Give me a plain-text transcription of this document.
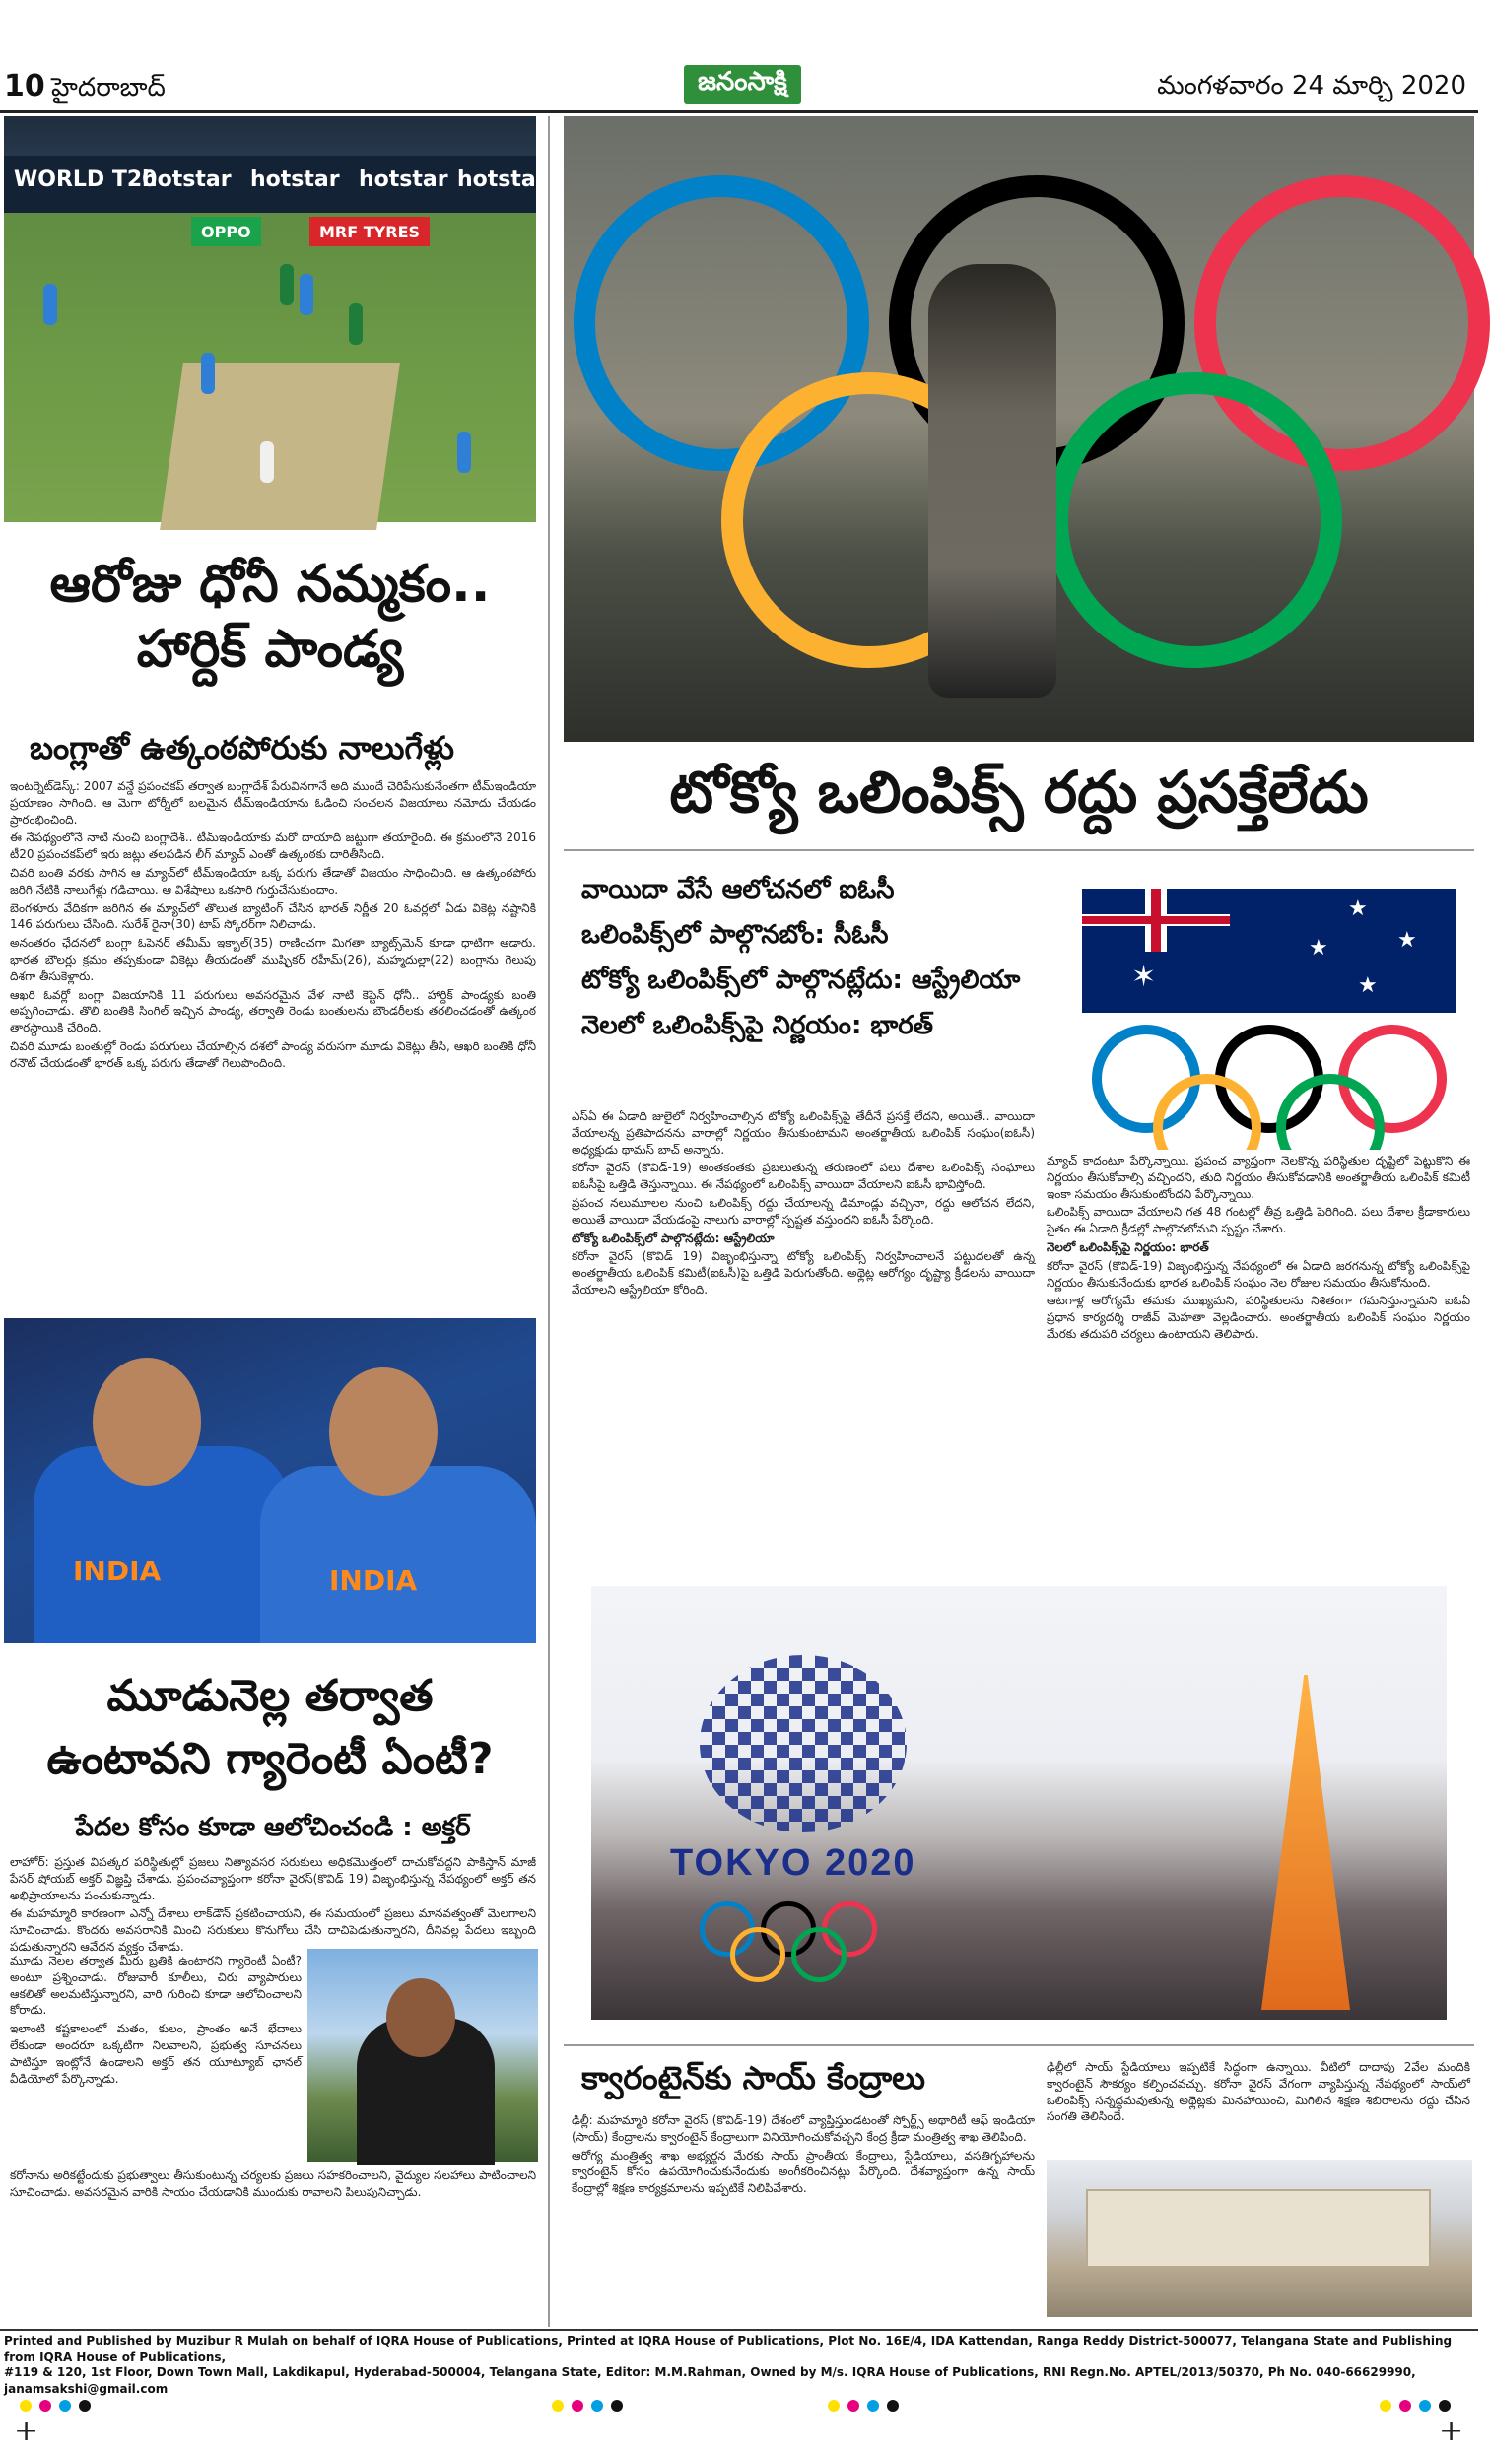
10 హైదరాబాద్	జనంసాక్షి	మంగళవారం 24 మార్చి 2020
WORLD T20
hotstar hotstar hotstar hotstar
OPPO	MRF TYRES
ఆరోజు ధోనీ నమ్మకం..
హార్దిక్ పాండ్య
బంగ్లాతో ఉత్కంఠపోరుకు నాలుగేళ్లు

ఇంటర్నెట్‌డెస్క్‌: 2007 వన్డే ప్రపంచకప్‌ తర్వాత బంగ్లాదేశ్‌ పేరువినగానే అది ముందే చెరిపేసుకునేంతగా టీమ్‌ఇండియా ప్రయాణం సాగింది. ఆ మెగా టోర్నీలో బలమైన టీమ్‌ఇండియాను ఓడించి సంచలన విజయాలు నమోదు చేయడం ప్రారంభించింది.

ఈ నేపథ్యంలోనే నాటి నుంచి బంగ్లాదేశ్‌.. టీమ్‌ఇండియాకు మరో దాయాది జట్టుగా తయారైంది. ఈ క్రమంలోనే 2016 టీ20 ప్రపంచకప్‌లో ఇరు జట్లు తలపడిన లీగ్‌ మ్యాచ్‌ ఎంతో ఉత్కంఠకు దారితీసింది.

చివరి బంతి వరకు సాగిన ఆ మ్యాచ్‌లో టీమ్‌ఇండియా ఒక్క పరుగు తేడాతో విజయం సాధించింది. ఆ ఉత్కంఠపోరు జరిగి నేటికి నాలుగేళ్లు గడిచాయి. ఆ విశేషాలు ఒకసారి గుర్తుచేసుకుందాం.

బెంగళూరు వేదికగా జరిగిన ఈ మ్యాచ్‌లో తొలుత బ్యాటింగ్‌ చేసిన భారత్‌ నిర్ణీత 20 ఓవర్లలో ఏడు వికెట్ల నష్టానికి 146 పరుగులు చేసింది. సురేశ్‌ రైనా(30) టాప్‌ స్కోరర్‌గా నిలిచాడు.

అనంతరం ఛేదనలో బంగ్లా ఓపెనర్‌ తమీమ్‌ ఇక్బాల్‌(35) రాణించగా మిగతా బ్యాట్స్‌మెన్‌ కూడా ధాటిగా ఆడారు. భారత బౌలర్లు క్రమం తప్పకుండా వికెట్లు తీయడంతో ముష్ఫికర్‌ రహీమ్‌(26), మహ్మదుల్లా(22) బంగ్లాను గెలుపు దిశగా తీసుకెళ్లారు.

ఆఖరి ఓవర్లో బంగ్లా విజయానికి 11 పరుగులు అవసరమైన వేళ నాటి కెప్టెన్‌ ధోనీ.. హార్దిక్‌ పాండ్యకు బంతి అప్పగించాడు. తొలి బంతికి సింగిల్‌ ఇచ్చిన పాండ్య, తర్వాతి రెండు బంతులను బౌండరీలకు తరలించడంతో ఉత్కంఠ తారస్థాయికి చేరింది.

చివరి మూడు బంతుల్లో రెండు పరుగులు చేయాల్సిన దశలో పాండ్య వరుసగా మూడు వికెట్లు తీసి, ఆఖరి బంతికి ధోనీ రనౌట్‌ చేయడంతో భారత్‌ ఒక్క పరుగు తేడాతో గెలుపొందింది.

INDIA	INDIA
మూడునెల్ల తర్వాత
ఉంటావని గ్యారెంటీ ఏంటీ?
పేదల కోసం కూడా ఆలోచించండి : అక్తర్

లాహోర్‌: ప్రస్తుత విపత్కర పరిస్థితుల్లో ప్రజలు నిత్యావసర సరుకులు అధికమొత్తంలో దాచుకోవద్దని పాకిస్తాన్‌ మాజీ పేసర్‌ షోయబ్‌ అక్తర్‌ విజ్ఞప్తి చేశాడు. ప్రపంచవ్యాప్తంగా కరోనా వైరస్‌(కొవిడ్‌ 19) విజృంభిస్తున్న నేపథ్యంలో అక్తర్‌ తన అభిప్రాయాలను పంచుకున్నాడు.

ఈ మహమ్మారి కారణంగా ఎన్నో దేశాలు లాక్‌డౌన్‌ ప్రకటించాయని, ఈ సమయంలో ప్రజలు మానవత్వంతో మెలగాలని సూచించాడు. కొందరు అవసరానికి మించి సరుకులు కొనుగోలు చేసి దాచిపెడుతున్నారని, దీనివల్ల పేదలు ఇబ్బంది పడుతున్నారని ఆవేదన వ్యక్తం చేశాడు.

మూడు నెలల తర్వాత మీరు బ్రతికి ఉంటారని గ్యారెంటీ ఏంటీ? అంటూ ప్రశ్నించాడు. రోజువారీ కూలీలు, చిరు వ్యాపారులు ఆకలితో అలమటిస్తున్నారని, వారి గురించి కూడా ఆలోచించాలని కోరాడు.

ఇలాంటి కష్టకాలంలో మతం, కులం, ప్రాంతం అనే భేదాలు లేకుండా అందరూ ఒక్కటిగా నిలవాలని, ప్రభుత్వ సూచనలు పాటిస్తూ ఇంట్లోనే ఉండాలని అక్తర్‌ తన యూట్యూబ్‌ ఛానల్‌ వీడియోలో పేర్కొన్నాడు.

కరోనాను అరికట్టేందుకు ప్రభుత్వాలు తీసుకుంటున్న చర్యలకు ప్రజలు సహకరించాలని, వైద్యుల సలహాలు పాటించాలని సూచించాడు. అవసరమైన వారికి సాయం చేయడానికి ముందుకు రావాలని పిలుపునిచ్చాడు.

టోక్యో ఒలింపిక్స్ రద్దు ప్రసక్తేలేదు
వాయిదా వేసే ఆలోచనలో ఐఓసీ
ఒలింపిక్స్‌లో పాల్గొనబోం: సీఓసీ
టోక్యో ఒలింపిక్స్‌లో పాల్గొనట్లేదు: ఆస్ట్రేలియా
నెలలో ఒలింపిక్స్‌పై నిర్ణయం: భారత్
✶
★
★	★
★

ఎస్‌ఏ ఈ ఏడాది జులైలో నిర్వహించాల్సిన టోక్యో ఒలింపిక్స్‌పై తేదీనే ప్రసక్తే లేదని, అయితే.. వాయిదా వేయాలన్న ప్రతిపాదనను వారాల్లో నిర్ణయం తీసుకుంటామని అంతర్జాతీయ ఒలింపిక్‌ సంఘం(ఐఓసీ) అధ్యక్షుడు థామస్‌ బాచ్‌ అన్నారు.

కరోనా వైరస్‌ (కొవిడ్‌-19) అంతకంతకు ప్రబలుతున్న తరుణంలో పలు దేశాల ఒలింపిక్స్‌ సంఘాలు ఐఓసీపై ఒత్తిడి తెస్తున్నాయి. ఈ నేపథ్యంలో ఒలింపిక్స్‌ వాయిదా వేయాలని ఐఓసీ భావిస్తోంది.

ప్రపంచ నలుమూలల నుంచి ఒలింపిక్స్‌ రద్దు చేయాలన్న డిమాండ్లు వచ్చినా, రద్దు ఆలోచన లేదని, అయితే వాయిదా వేయడంపై నాలుగు వారాల్లో స్పష్టత వస్తుందని ఐఓసీ పేర్కొంది.

టోక్యో ఒలింపిక్స్‌లో పాల్గొనట్లేదు: ఆస్ట్రేలియా

కరోనా వైరస్‌ (కొవిడ్‌ 19) విజృంభిస్తున్నా టోక్యో ఒలింపిక్స్‌ నిర్వహించాలనే పట్టుదలతో ఉన్న అంతర్జాతీయ ఒలింపిక్‌ కమిటీ(ఐఓసీ)పై ఒత్తిడి పెరుగుతోంది. అథ్లెట్ల ఆరోగ్యం దృష్ట్యా క్రీడలను వాయిదా వేయాలని ఆస్ట్రేలియా కోరింది.

మ్యాచ్‌ కాదంటూ పేర్కొన్నాయి. ప్రపంచ వ్యాప్తంగా నెలకొన్న పరిస్థితుల దృష్టిలో పెట్టుకొని ఈ నిర్ణయం తీసుకోవాల్సి వచ్చిందని, తుది నిర్ణయం తీసుకోవడానికి అంతర్జాతీయ ఒలింపిక్‌ కమిటీ ఇంకా సమయం తీసుకుంటోందని పేర్కొన్నాయి.

ఒలింపిక్స్‌ వాయిదా వేయాలని గత 48 గంటల్లో తీవ్ర ఒత్తిడి పెరిగింది. పలు దేశాల క్రీడాకారులు సైతం ఈ ఏడాది క్రీడల్లో పాల్గొనబోమని స్పష్టం చేశారు.

నెలలో ఒలింపిక్స్‌పై నిర్ణయం: భారత్

కరోనా వైరస్‌ (కొవిడ్‌-19) విజృంభిస్తున్న నేపథ్యంలో ఈ ఏడాది జరగనున్న టోక్యో ఒలింపిక్స్‌పై నిర్ణయం తీసుకునేందుకు భారత ఒలింపిక్‌ సంఘం నెల రోజుల సమయం తీసుకోనుంది.

ఆటగాళ్ల ఆరోగ్యమే తమకు ముఖ్యమని, పరిస్థితులను నిశితంగా గమనిస్తున్నామని ఐఓఏ ప్రధాన కార్యదర్శి రాజీవ్‌ మెహతా వెల్లడించారు. అంతర్జాతీయ ఒలింపిక్‌ సంఘం నిర్ణయం మేరకు తదుపరి చర్యలు ఉంటాయని తెలిపారు.

TOKYO 2020
క్వారంటైన్‌కు సాయ్ కేంద్రాలు

ఢిల్లీ: మహమ్మారి కరోనా వైరస్‌ (కొవిడ్‌-19) దేశంలో వ్యాప్తిస్తుండటంతో స్పోర్ట్స్‌ అథారిటీ ఆఫ్‌ ఇండియా (సాయ్‌) కేంద్రాలను క్వారంటైన్‌ కేంద్రాలుగా వినియోగించుకోవచ్చని కేంద్ర క్రీడా మంత్రిత్వ శాఖ తెలిపింది.

ఆరోగ్య మంత్రిత్వ శాఖ అభ్యర్థన మేరకు సాయ్‌ ప్రాంతీయ కేంద్రాలు, స్టేడియాలు, వసతిగృహాలను క్వారంటైన్‌ కోసం ఉపయోగించుకునేందుకు అంగీకరించినట్లు పేర్కొంది. దేశవ్యాప్తంగా ఉన్న సాయ్‌ కేంద్రాల్లో శిక్షణ కార్యక్రమాలను ఇప్పటికే నిలిపివేశారు.

ఢిల్లీలో సాయ్‌ స్టేడియాలు ఇప్పటికే సిద్ధంగా ఉన్నాయి. వీటిలో దాదాపు 2వేల మందికి క్వారంటైన్‌ సౌకర్యం కల్పించవచ్చు. కరోనా వైరస్‌ వేగంగా వ్యాపిస్తున్న నేపథ్యంలో సాయ్‌లో ఒలింపిక్స్‌ సన్నద్ధమవుతున్న అథ్లెట్లకు మినహాయించి, మిగిలిన శిక్షణ శిబిరాలను రద్దు చేసిన సంగతి తెలిసిందే.

Printed and Published by Muzibur R Mulah on behalf of IQRA House of Publications, Printed at IQRA House of Publications, Plot No. 16E/4, IDA Kattendan, Ranga Reddy District-500077, Telangana State and Publishing from IQRA House of Publications,
#119 & 120, 1st Floor, Down Town Mall, Lakdikapul, Hyderabad-500004, Telangana State, Editor: M.M.Rahman, Owned by M/s. IQRA House of Publications, RNI Regn.No. APTEL/2013/50370, Ph No. 040-66629990, janamsakshi@gmail.com
+	+
